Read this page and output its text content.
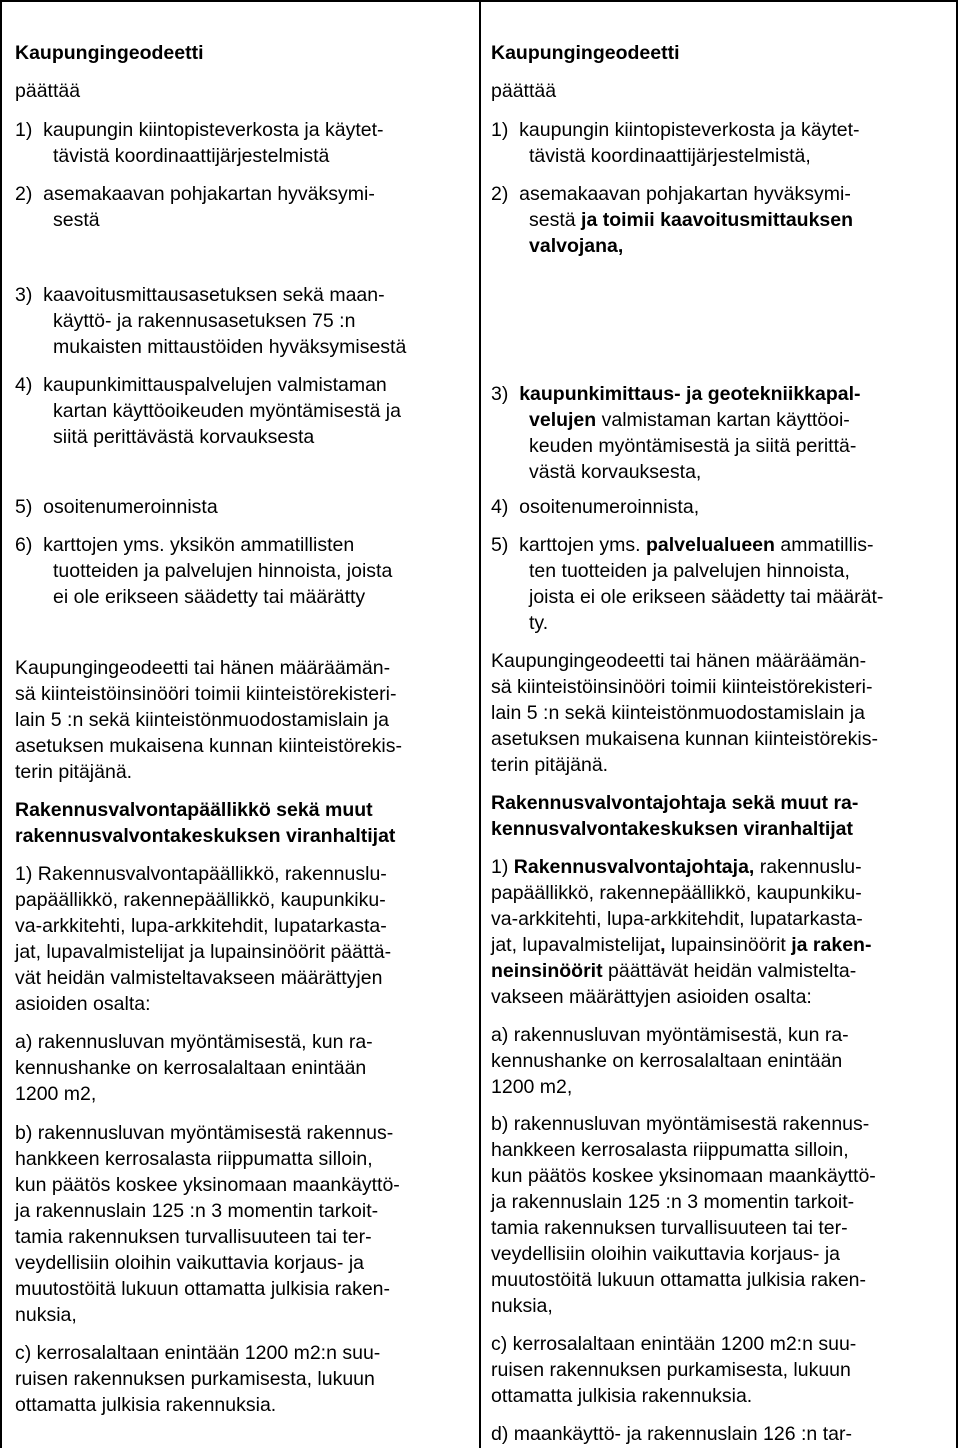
Kaupungingeodeetti
päättää
1)  kaupungin kiintopisteverkosta ja käytet-
tävistä koordinaattijärjestelmistä
2)  asemakaavan pohjakartan hyväksymi-
sestä
3)  kaavoitusmittausasetuksen sekä maan-
käyttö- ja rakennusasetuksen 75 :n
mukaisten mittaustöiden hyväksymisestä
4)  kaupunkimittauspalvelujen valmistaman
kartan käyttöoikeuden myöntämisestä ja
siitä perittävästä korvauksesta
5)  osoitenumeroinnista
6)  karttojen yms. yksikön ammatillisten
tuotteiden ja palvelujen hinnoista, joista
ei ole erikseen säädetty tai määrätty
Kaupungingeodeetti tai hänen määräämän-
sä kiinteistöinsinööri toimii kiinteistörekisteri-
lain 5 :n sekä kiinteistönmuodostamislain ja
asetuksen mukaisena kunnan kiinteistörekis-
terin pitäjänä.
Rakennusvalvontapäällikkö sekä muut
rakennusvalvontakeskuksen viranhaltijat
1) Rakennusvalvontapäällikkö, rakennuslu-
papäällikkö, rakennepäällikkö, kaupunkiku-
va-arkkitehti, lupa-arkkitehdit, lupatarkasta-
jat, lupavalmistelijat ja lupainsinöörit päättä-
vät heidän valmisteltavakseen määrättyjen
asioiden osalta:
a) rakennusluvan myöntämisestä, kun ra-
kennushanke on kerrosalaltaan enintään
1200 m2,
b) rakennusluvan myöntämisestä rakennus-
hankkeen kerrosalasta riippumatta silloin,
kun päätös koskee yksinomaan maankäyttö-
ja rakennuslain 125 :n 3 momentin tarkoit-
tamia rakennuksen turvallisuuteen tai ter-
veydellisiin oloihin vaikuttavia korjaus- ja
muutostöitä lukuun ottamatta julkisia raken-
nuksia,
c) kerrosalaltaan enintään 1200 m2:n suu-
ruisen rakennuksen purkamisesta, lukuun
ottamatta julkisia rakennuksia.
Kaupungingeodeetti
päättää
1)  kaupungin kiintopisteverkosta ja käytet-
tävistä koordinaattijärjestelmistä,
2)  asemakaavan pohjakartan hyväksymi-
sestä ja toimii kaavoitusmittauksen
valvojana,
3)  kaupunkimittaus- ja geotekniikkapal-
velujen valmistaman kartan käyttöoi-
keuden myöntämisestä ja siitä perittä-
västä korvauksesta,
4)  osoitenumeroinnista,
5)  karttojen yms. palvelualueen ammatillis-
ten tuotteiden ja palvelujen hinnoista,
joista ei ole erikseen säädetty tai määrät-
ty.
Kaupungingeodeetti tai hänen määräämän-
sä kiinteistöinsinööri toimii kiinteistörekisteri-
lain 5 :n sekä kiinteistönmuodostamislain ja
asetuksen mukaisena kunnan kiinteistörekis-
terin pitäjänä.
Rakennusvalvontajohtaja sekä muut ra-
kennusvalvontakeskuksen viranhaltijat
1) Rakennusvalvontajohtaja, rakennuslu-
papäällikkö, rakennepäällikkö, kaupunkiku-
va-arkkitehti, lupa-arkkitehdit, lupatarkasta-
jat, lupavalmistelijat, lupainsinöörit ja raken-
neinsinöörit päättävät heidän valmistelta-
vakseen määrättyjen asioiden osalta:
a) rakennusluvan myöntämisestä, kun ra-
kennushanke on kerrosalaltaan enintään
1200 m2,
b) rakennusluvan myöntämisestä rakennus-
hankkeen kerrosalasta riippumatta silloin,
kun päätös koskee yksinomaan maankäyttö-
ja rakennuslain 125 :n 3 momentin tarkoit-
tamia rakennuksen turvallisuuteen tai ter-
veydellisiin oloihin vaikuttavia korjaus- ja
muutostöitä lukuun ottamatta julkisia raken-
nuksia,
c) kerrosalaltaan enintään 1200 m2:n suu-
ruisen rakennuksen purkamisesta, lukuun
ottamatta julkisia rakennuksia.
d) maankäyttö- ja rakennuslain 126 :n tar-
